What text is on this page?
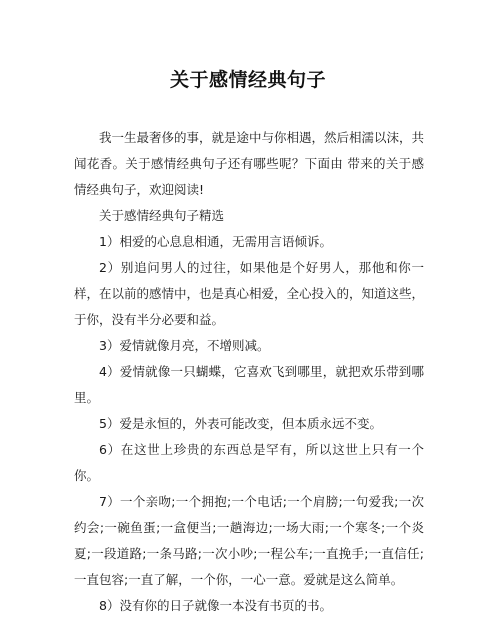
关于感情经典句子

我一生最奢侈的事，就是途中与你相遇，然后相濡以沫，共闻花香。关于感情经典句子还有哪些呢？下面由 带来的关于感情经典句子，欢迎阅读!

关于感情经典句子精选

1）相爱的心息息相通，无需用言语倾诉。

2）别追问男人的过往，如果他是个好男人，那他和你一样，在以前的感情中，也是真心相爱，全心投入的，知道这些，于你，没有半分必要和益。

3）爱情就像月亮，不增则减。

4）爱情就像一只蝴蝶，它喜欢飞到哪里，就把欢乐带到哪里。

5）爱是永恒的，外表可能改变，但本质永远不变。

6）在这世上珍贵的东西总是罕有，所以这世上只有一个你。

7）一个亲吻;一个拥抱;一个电话;一个肩膀;一句爱我;一次约会;一碗鱼蛋;一盒便当;一趟海边;一场大雨;一个寒冬;一个炎夏;一段道路;一条马路;一次小吵;一程公车;一直挽手;一直信任;一直包容;一直了解，一个你，一心一意。爱就是这么简单。

8）没有你的日子就像一本没有书页的书。
